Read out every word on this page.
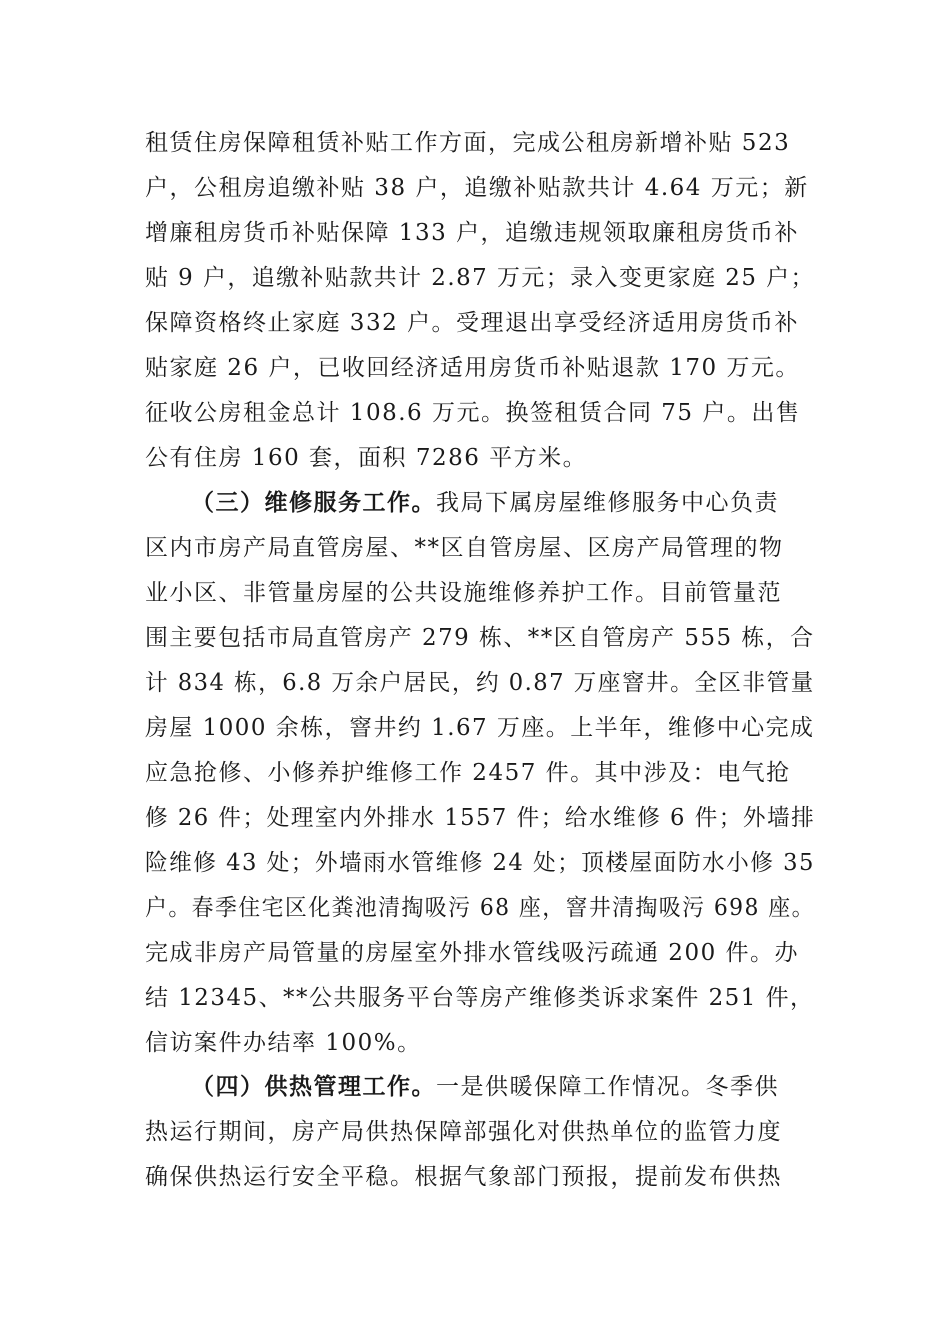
租赁住房保障租赁补贴工作方面，完成公租房新增补贴 523
户，公租房追缴补贴 38 户，追缴补贴款共计 4.64 万元；新
增廉租房货币补贴保障 133 户，追缴违规领取廉租房货币补
贴 9 户，追缴补贴款共计 2.87 万元；录入变更家庭 25 户；
保障资格终止家庭 332 户。受理退出享受经济适用房货币补
贴家庭 26 户，已收回经济适用房货币补贴退款 170 万元。
征收公房租金总计 108.6 万元。换签租赁合同 75 户。出售
公有住房 160 套，面积 7286 平方米。
（三）维修服务工作。我局下属房屋维修服务中心负责
区内市房产局直管房屋、**区自管房屋、区房产局管理的物
业小区、非管量房屋的公共设施维修养护工作。目前管量范
围主要包括市局直管房产 279 栋、**区自管房产 555 栋，合
计 834 栋，6.8 万余户居民，约 0.87 万座窨井。全区非管量
房屋 1000 余栋，窨井约 1.67 万座。上半年，维修中心完成
应急抢修、小修养护维修工作 2457 件。其中涉及：电气抢
修 26 件；处理室内外排水 1557 件；给水维修 6 件；外墙排
险维修 43 处；外墙雨水管维修 24 处；顶楼屋面防水小修 35
户。春季住宅区化粪池清掏吸污 68 座，窨井清掏吸污 698 座。
完成非房产局管量的房屋室外排水管线吸污疏通 200 件。办
结 12345、**公共服务平台等房产维修类诉求案件 251 件，
信访案件办结率 100%。
（四）供热管理工作。一是供暖保障工作情况。冬季供
热运行期间，房产局供热保障部强化对供热单位的监管力度
确保供热运行安全平稳。根据气象部门预报，提前发布供热
